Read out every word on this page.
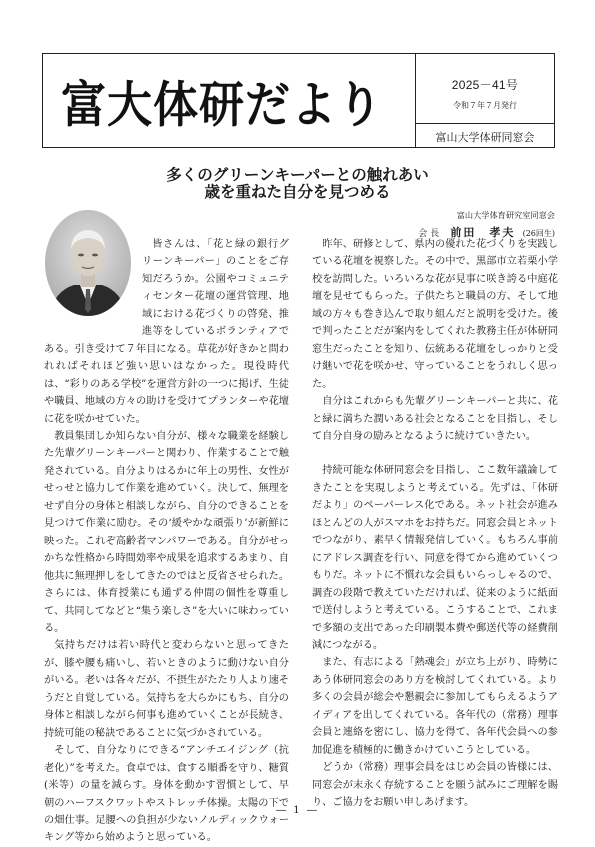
富大体研だより	2025－41号
令和７年７月発行
富山大学体研同窓会
多くのグリーンキーパーとの触れあい
歳を重ねた自分を見つめる
富山大学体育研究室同窓会
会 長 前田　孝夫 (26回生)

皆さんは、「花と緑の銀行グリーンキーパー」のことをご存知だろうか。公園やコミュニティセンター花壇の運営管理、地域における花づくりの啓発、推進等をしているボランティアである。引き受けて７年目になる。草花が好きかと問われればそれほど強い思いはなかった。現役時代は、“彩りのある学校”を運営方針の一つに掲げ、生徒や職員、地域の方々の助けを受けてプランターや花壇に花を咲かせていた。

教員集団しか知らない自分が、様々な職業を経験した先輩グリーンキーパーと関わり、作業することで触発されている。自分よりはるかに年上の男性、女性がせっせと協力して作業を進めていく。決して、無理をせず自分の身体と相談しながら、自分のできることを見つけて作業に励む。その‘緩やかな頑張り’が新鮮に映った。これぞ高齢者マンパワーである。自分がせっかちな性格から時間効率や成果を追求するあまり、自他共に無理押しをしてきたのではと反省させられた。さらには、体育授業にも通ずる仲間の個性を尊重して、共同してなどと“集う楽しさ”を大いに味わっている。

気持ちだけは若い時代と変わらないと思ってきたが、膝や腰も痛いし、若いときのように動けない自分がいる。老いは各々だが、不摂生がたたり人より速そうだと自覚している。気持ちを大らかにもち、自分の身体と相談しながら何事も進めていくことが長続き、持続可能の秘訣であることに気づかされている。

そして、自分なりにできる“アンチエイジング（抗老化）”を考えた。食卓では、食する順番を守り、糖質(米等）の量を減らす。身体を動かす習慣として、早朝のハーフスクワットやストレッチ体操。太陽の下での畑仕事。足腰への負担が少ないノルディックウォーキング等から始めようと思っている。

昨年、研修として、県内の優れた花づくりを実践している花壇を視察した。その中で、黒部市立若栗小学校を訪問した。いろいろな花が見事に咲き誇る中庭花壇を見せてもらった。子供たちと職員の方、そして地域の方々も巻き込んで取り組んだと説明を受けた。後で判ったことだが案内をしてくれた教務主任が体研同窓生だったことを知り、伝統ある花壇をしっかりと受け継いで花を咲かせ、守っていることをうれしく思った。

自分はこれからも先輩グリーンキーパーと共に、花と緑に満ちた潤いある社会となることを目指し、そして自分自身の励みとなるように続けていきたい。

持続可能な体研同窓会を目指し、ここ数年議論してきたことを実現しようと考えている。先ずは、「体研だより」のペーパーレス化である。ネット社会が進みほとんどの人がスマホをお持ちだ。同窓会員とネットでつながり、素早く情報発信していく。もちろん事前にアドレス調査を行い、同意を得てから進めていくつもりだ。ネットに不慣れな会員もいらっしゃるので、調査の段階で教えていただければ、従来のように紙面で送付しようと考えている。こうすることで、これまで多額の支出であった印刷製本費や郵送代等の経費削減につながる。

また、有志による「熱魂会」が立ち上がり、時勢にあう体研同窓会のあり方を検討してくれている。より多くの会員が総会や懇親会に参加してもらえるようアイディアを出してくれている。各年代の（常務）理事会員と連絡を密にし、協力を得て、各年代会員への参加促進を積極的に働きかけていこうとしている。

どうか（常務）理事会員をはじめ会員の皆様には、同窓会が末永く存続することを願う試みにご理解を賜り、ご協力をお願い申しあげます。

― 1 ―
